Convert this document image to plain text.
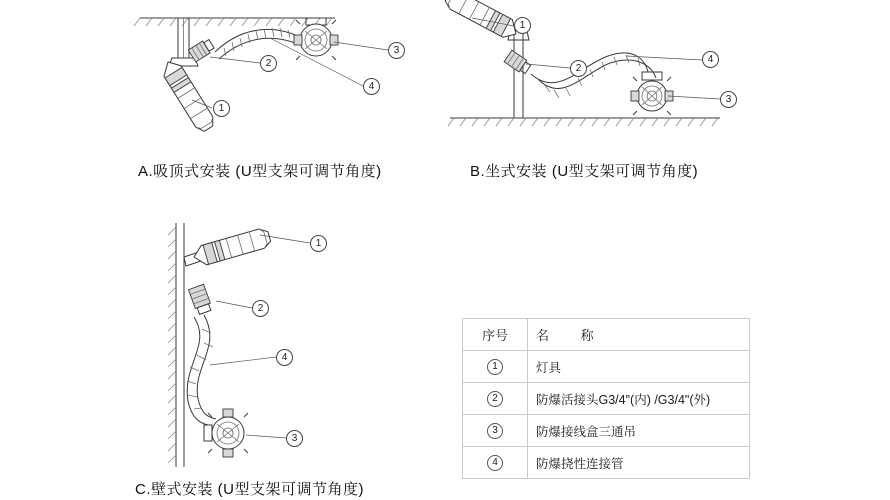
1
2
3
4
A.吸顶式安装 (U型支架可调节角度)
1
2
3
4
B.坐式安装 (U型支架可调节角度)
1
2
4
3
C.壁式安装 (U型支架可调节角度)
序号	名 称
1	灯具
2	防爆活接头G3/4"(内) /G3/4"(外)
3	防爆接线盒三通吊
4	防爆挠性连接管
